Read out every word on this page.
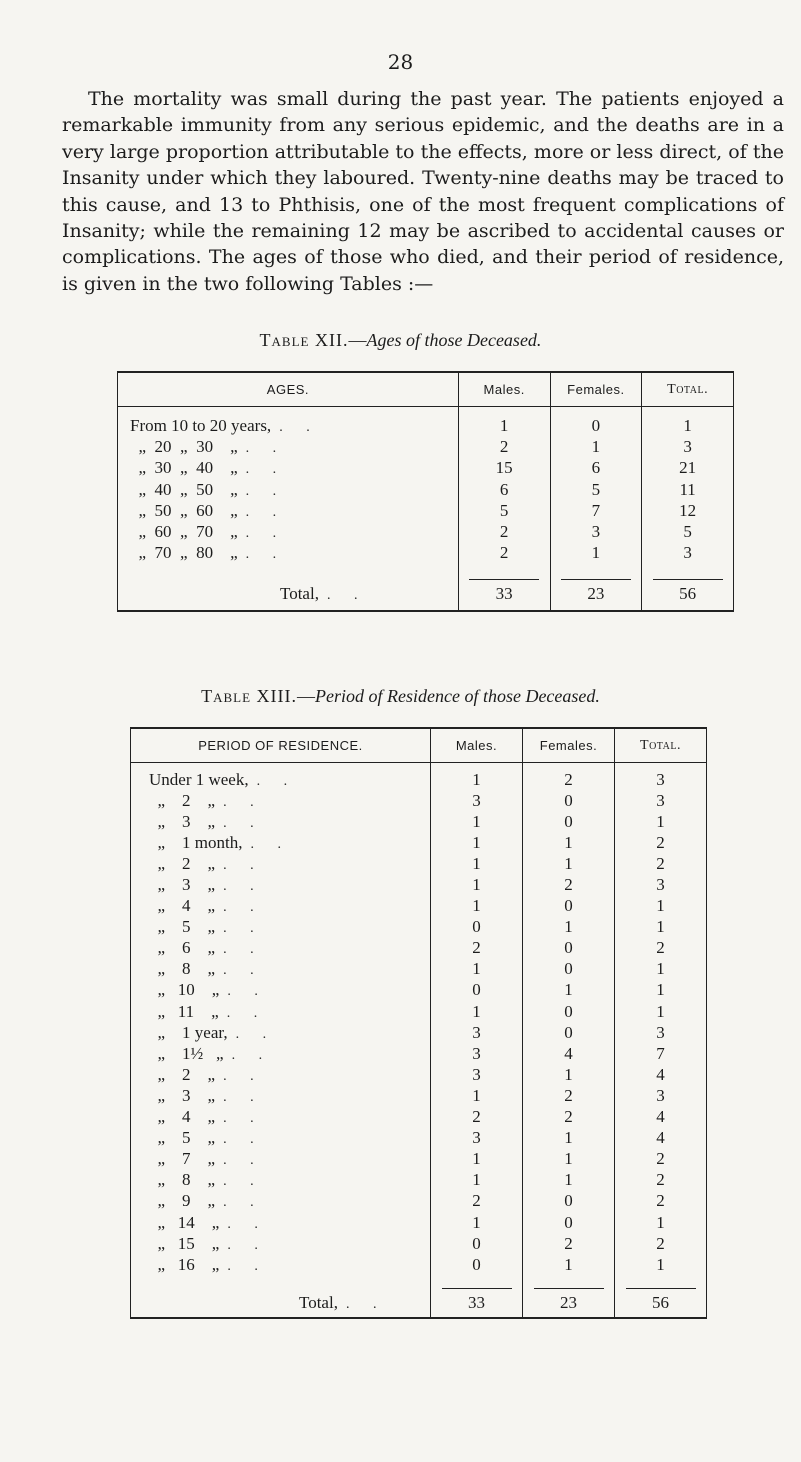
28

The mortality was small during the past year. The patients enjoyed a remarkable immunity from any serious epidemic, and the deaths are in a very large proportion attributable to the effects, more or less direct, of the Insanity under which they laboured. Twenty-nine deaths may be traced to this cause, and 13 to Phthisis, one of the most frequent complications of Insanity; while the remaining 12 may be ascribed to accidental causes or complications. The ages of those who died, and their period of residence, is given in the two following Tables :—

Table XII.—Ages of those Deceased.
AGES.	Males.	Females.	Total.
From 10 to 20 years, . .	1	0	1
„  20  „  30    „ . .	2	1	3
„  30  „  40    „ . .	15	6	21
„  40  „  50    „ . .	6	5	11
„  50  „  60    „ . .	5	7	12
„  60  „  70    „ . .	2	3	5
„  70  „  80    „ . .	2	1	3
Total, . .	33	23	56
Table XIII.—Period of Residence of those Deceased.
PERIOD OF RESIDENCE.	Males.	Females.	Total.
Under 1 week, . .	1	2	3
„    2    „ . .	3	0	3
„    3    „ . .	1	0	1
„    1 month, . .	1	1	2
„    2    „ . .	1	1	2
„    3    „ . .	1	2	3
„    4    „ . .	1	0	1
„    5    „ . .	0	1	1
„    6    „ . .	2	0	2
„    8    „ . .	1	0	1
„   10    „ . .	0	1	1
„   11    „ . .	1	0	1
„    1 year, . .	3	0	3
„    1½   „ . .	3	4	7
„    2    „ . .	3	1	4
„    3    „ . .	1	2	3
„    4    „ . .	2	2	4
„    5    „ . .	3	1	4
„    7    „ . .	1	1	2
„    8    „ . .	1	1	2
„    9    „ . .	2	0	2
„   14    „ . .	1	0	1
„   15    „ . .	0	2	2
„   16    „ . .	0	1	1
Total, . .	33	23	56
